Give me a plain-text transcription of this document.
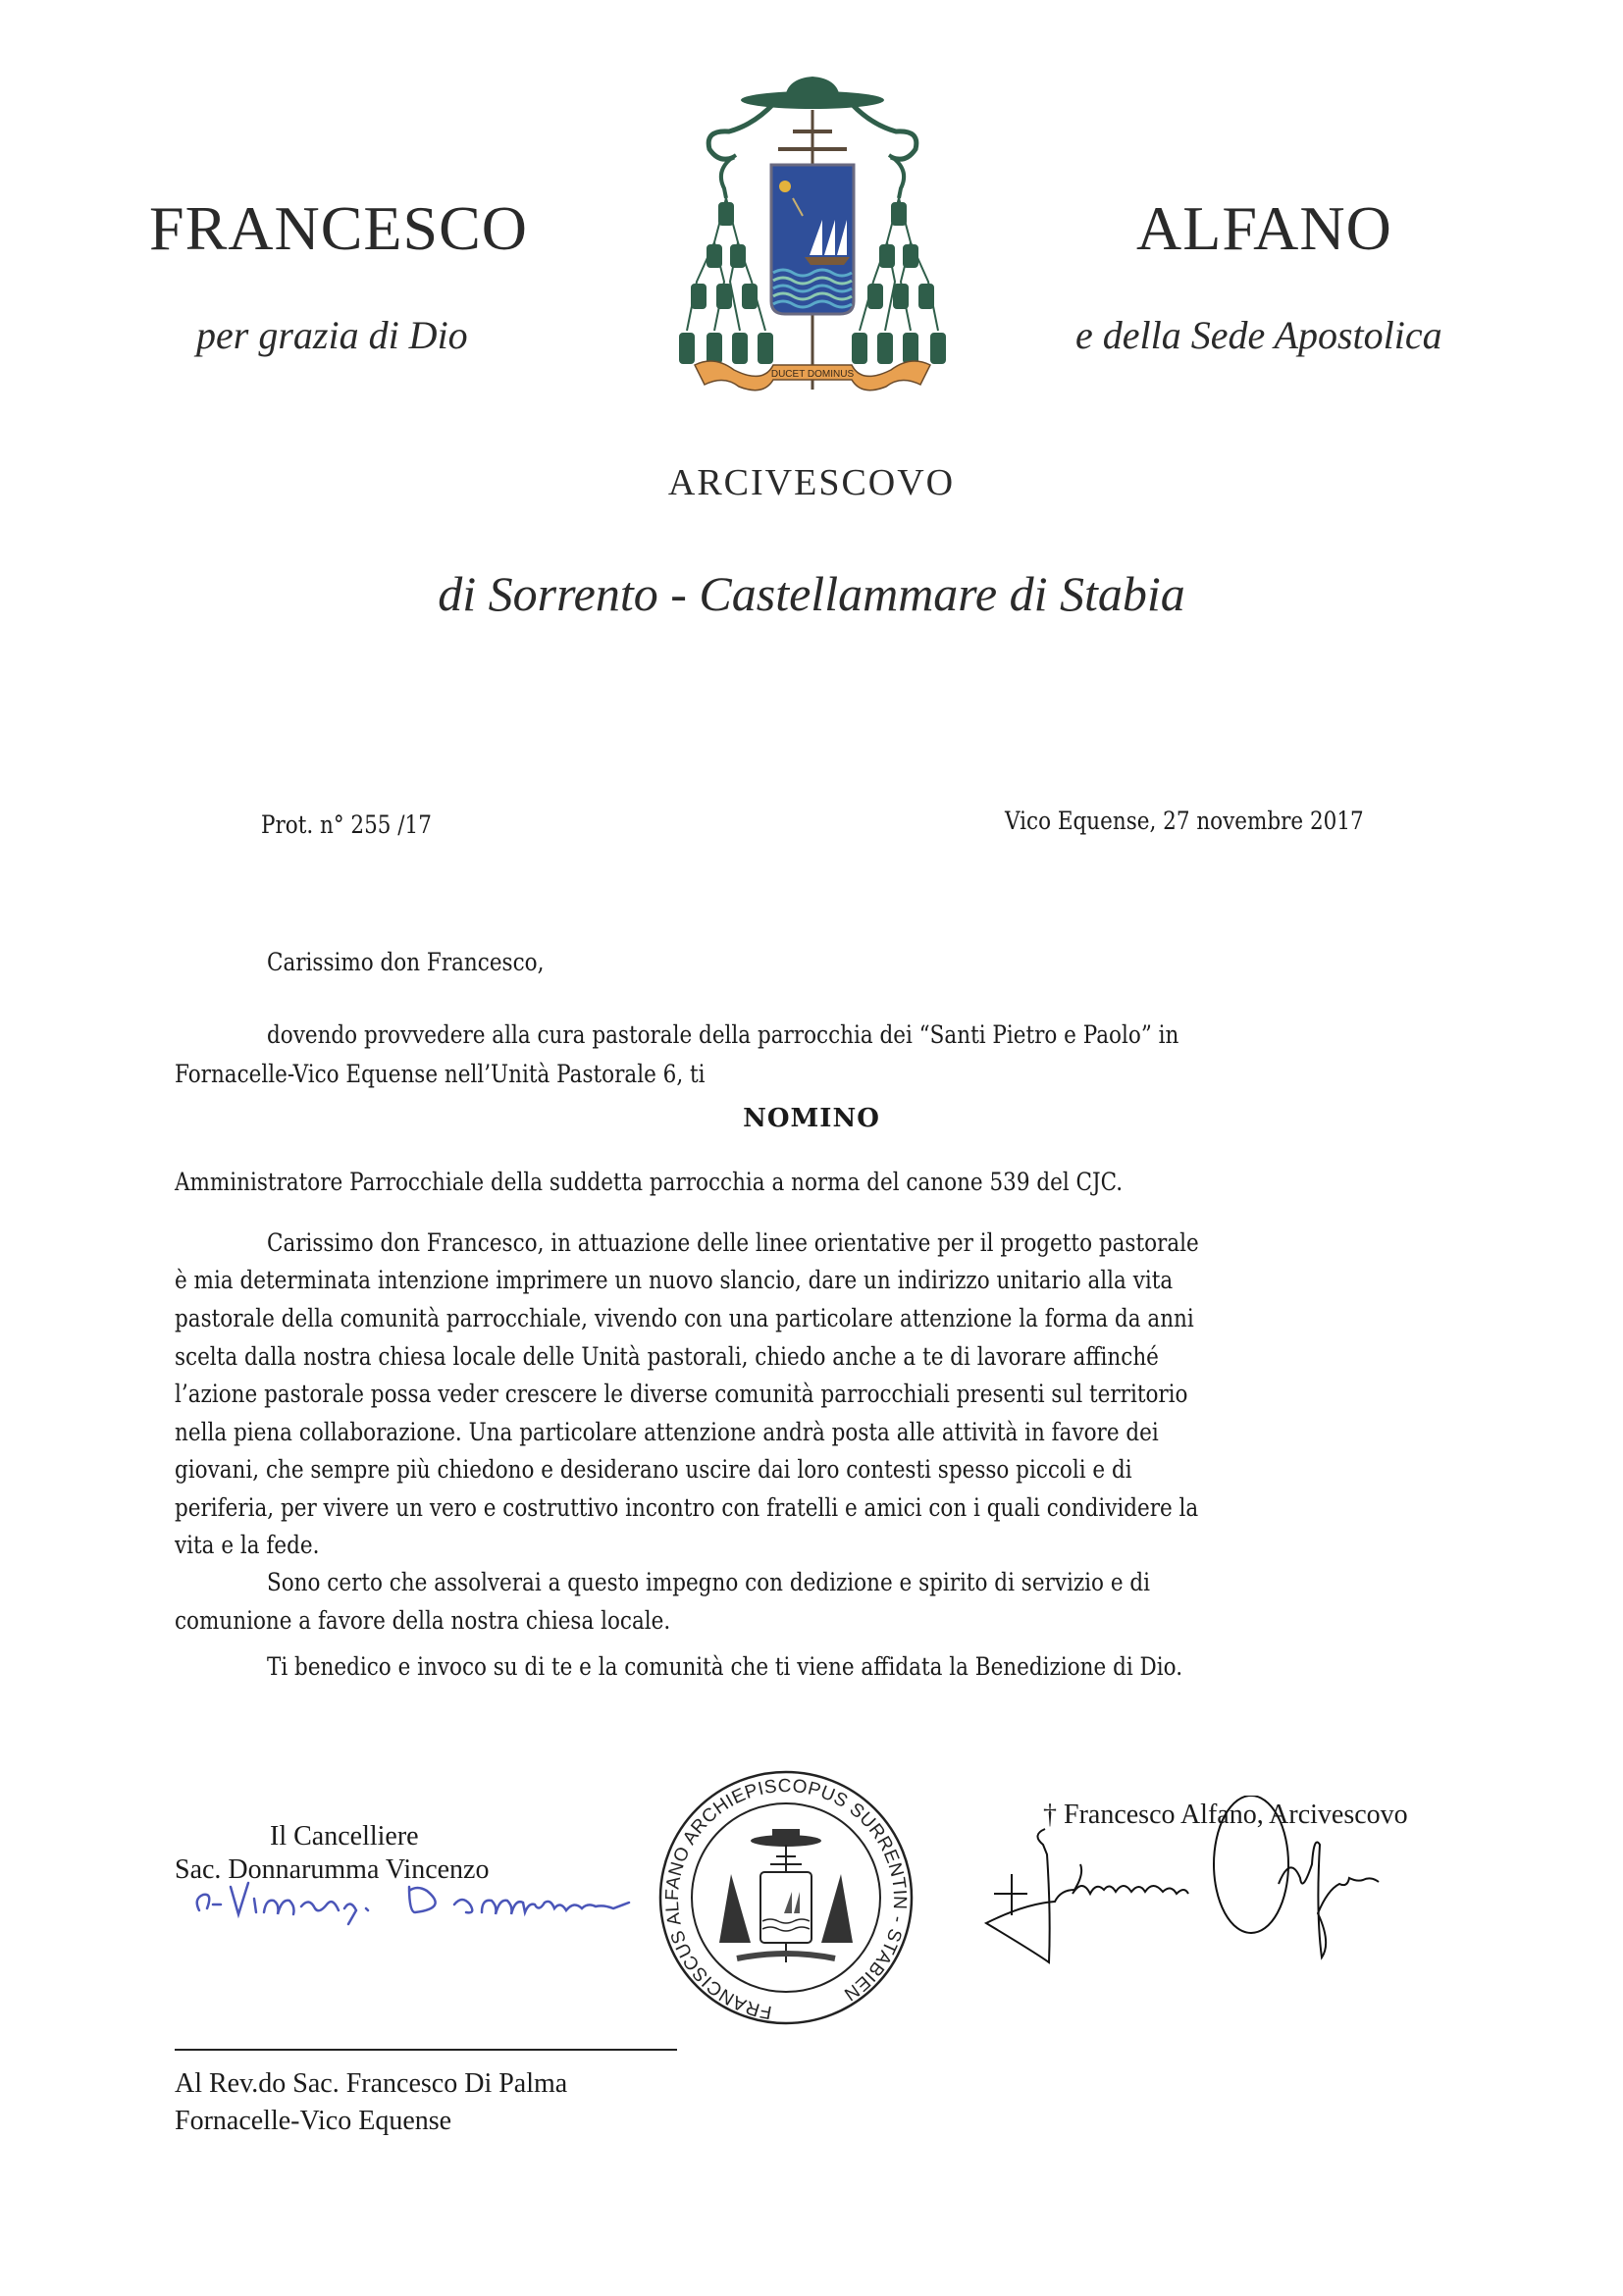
FRANCESCO	ALFANO
per grazia di Dio	e della Sede Apostolica
DUCET DOMINUS
ARCIVESCOVO
di Sorrento - Castellammare di Stabia
Prot. n° 255 /17	Vico Equense, 27 novembre 2017
Carissimo don Francesco,
dovendo provvedere alla cura pastorale della parrocchia dei “Santi Pietro e Paolo” in
Fornacelle-Vico Equense nell’Unità Pastorale 6, ti
NOMINO
Amministratore Parrocchiale della suddetta parrocchia a norma del canone 539 del CJC.
Carissimo don Francesco, in attuazione delle linee orientative per il progetto pastorale
è mia determinata intenzione imprimere un nuovo slancio, dare un indirizzo unitario alla vita
pastorale della comunità parrocchiale, vivendo con una particolare attenzione la forma da anni
scelta dalla nostra chiesa locale delle Unità pastorali, chiedo anche a te di lavorare affinché
l’azione pastorale possa veder crescere le diverse comunità parrocchiali presenti sul territorio
nella piena collaborazione. Una particolare attenzione andrà posta alle attività in favore dei
giovani, che sempre più chiedono e desiderano uscire dai loro contesti spesso piccoli e di
periferia, per vivere un vero e costruttivo incontro con fratelli e amici con i quali condividere la
vita e la fede.
Sono certo che assolverai a questo impegno con dedizione e spirito di servizio e di
comunione a favore della nostra chiesa locale.
Ti benedico e invoco su di te e la comunità che ti viene affidata la Benedizione di Dio.
Il Cancelliere
Sac. Donnarumma Vincenzo
FRANCISCUS ALFANO ARCHIEPISCOPUS SURRENTIN - STABIEN
† Francesco Alfano, Arcivescovo
Al Rev.do Sac. Francesco Di Palma
Fornacelle-Vico Equense
